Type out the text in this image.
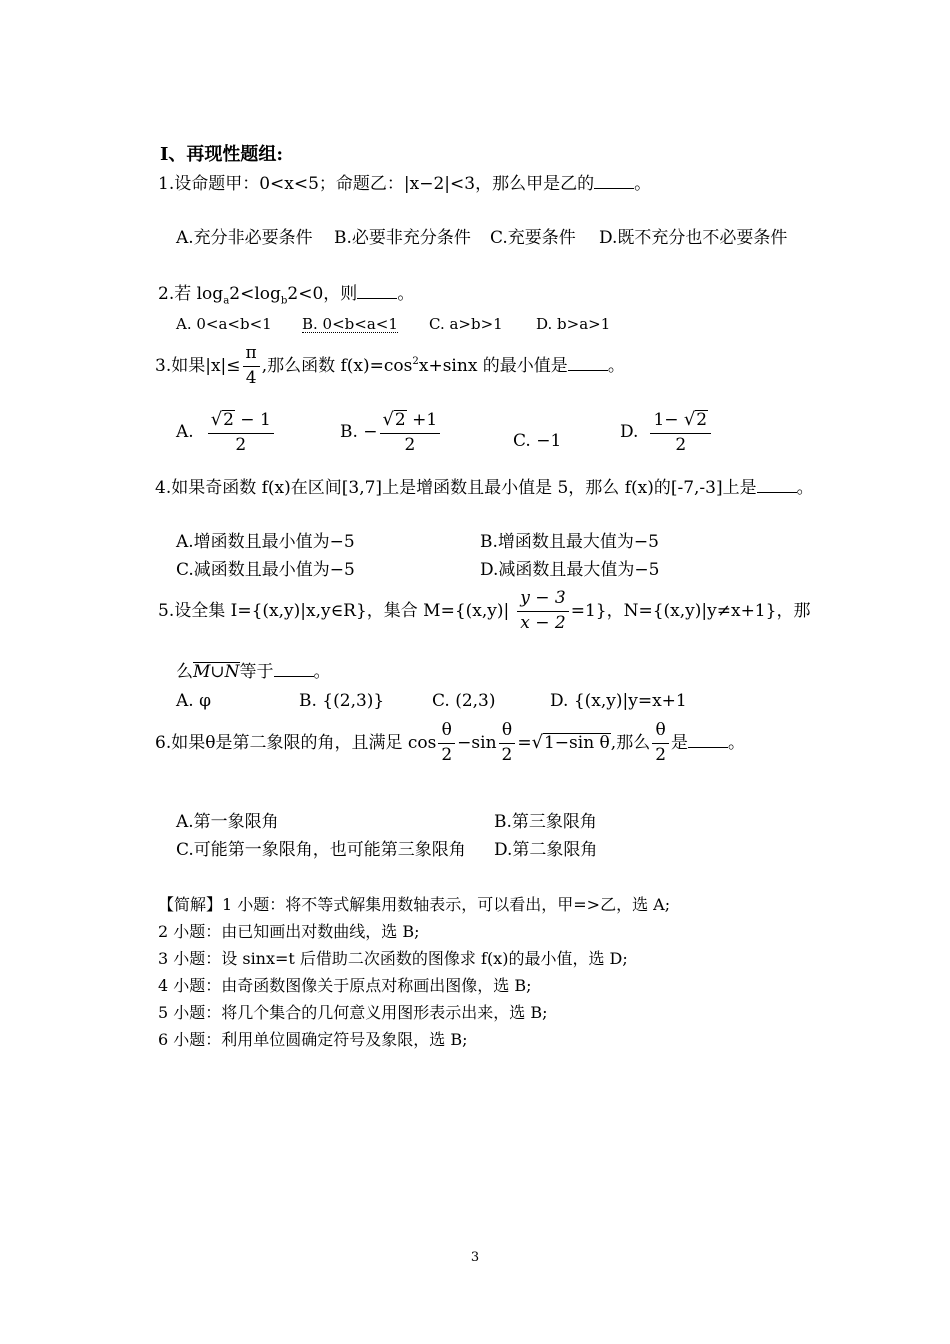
Ⅰ、再现性题组:
1.设命题甲：0<x<5；命题乙：|x−2|<3，那么甲是乙的 。
A.充分非必要条件 B.必要非充分条件 C.充要条件 D.既不充分也不必要条件
2.若 $\log_a2<\log_b2<0$，则 。
A. 0<a<b<1 B. 0<b<a<1 C. a>b>1 D. b>a>1
3.如果$|x|\le \frac{\pi}{4}$ ,那么函数 $f(x)=\cos^2x+\sin x$ 的最小值是 。
A. $\frac{√2 - 1}{2}$	B. − $\frac{√2 +1}{2}$	C. −1	D. $\frac{1- √2}{2}$
4.如果奇函数 f(x)在区间[3,7]上是增函数且最小值是 5，那么 f(x)的[-7,-3]上是 。
A.增函数且最小值为−5	B.增函数且最大值为−5
C.减函数且最小值为−5	D.减函数且最大值为−5
5.设全集 I={(x,y)|x,y∈R}，集合 $M=\{(x,y)| \frac{y - 3}{x - 2} =1\}$，N={(x,y)|y≠x+1}，那
么M∪N等于 。
A. φ	B. {(2,3)}	C. (2,3)	D. {(x,y)|y=x+1
6.如果θ是第二象限的角，且满足 $\cos \frac{\theta}{2} -\sin \frac{\theta}{2} =√1-\sin$ θ,那么 $\frac{\theta}{2}$ 是 。
A.第一象限角	B.第三象限角
C.可能第一象限角，也可能第三象限角 D.第二象限角
【简解】1 小题：将不等式解集用数轴表示，可以看出，甲=>乙，选 A;
2 小题：由已知画出对数曲线，选 B;
3 小题：设 sinx=t 后借助二次函数的图像求 f(x)的最小值，选 D;
4 小题：由奇函数图像关于原点对称画出图像，选 B;
5 小题：将几个集合的几何意义用图形表示出来，选 B;
6 小题：利用单位圆确定符号及象限，选 B;
3
